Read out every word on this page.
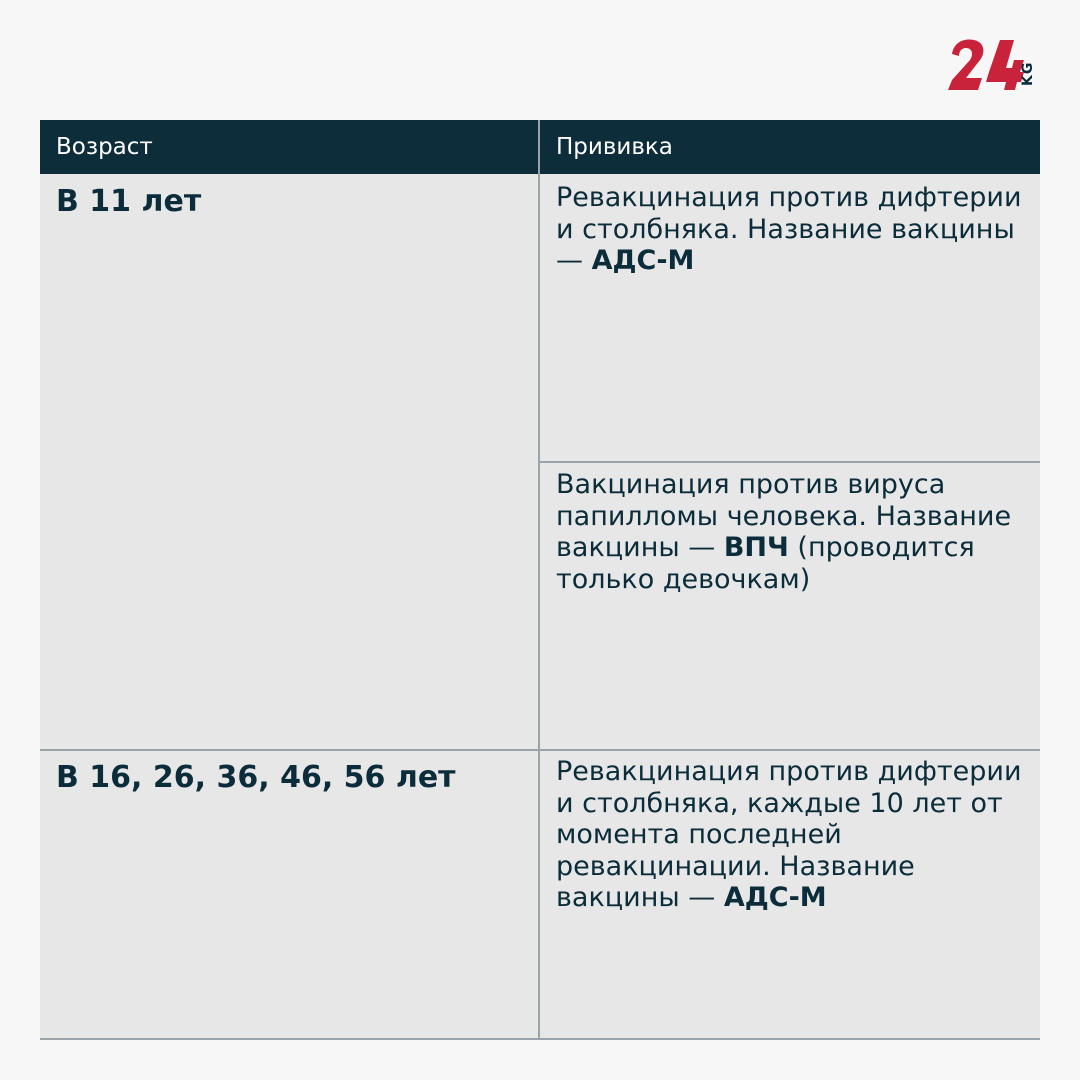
KG
Возраст	Прививка
В 11 лет	Ревакцинация против дифтерии и столбняка. Название вакцины — АДС-М
Вакцинация против вируса папилломы человека. Название вакцины — ВПЧ (проводится только девочкам)
В 16, 26, 36, 46, 56 лет	Ревакцинация против дифтерии и столбняка, каждые 10 лет от момента последней ревакцинации. Название вакцины — АДС-М
